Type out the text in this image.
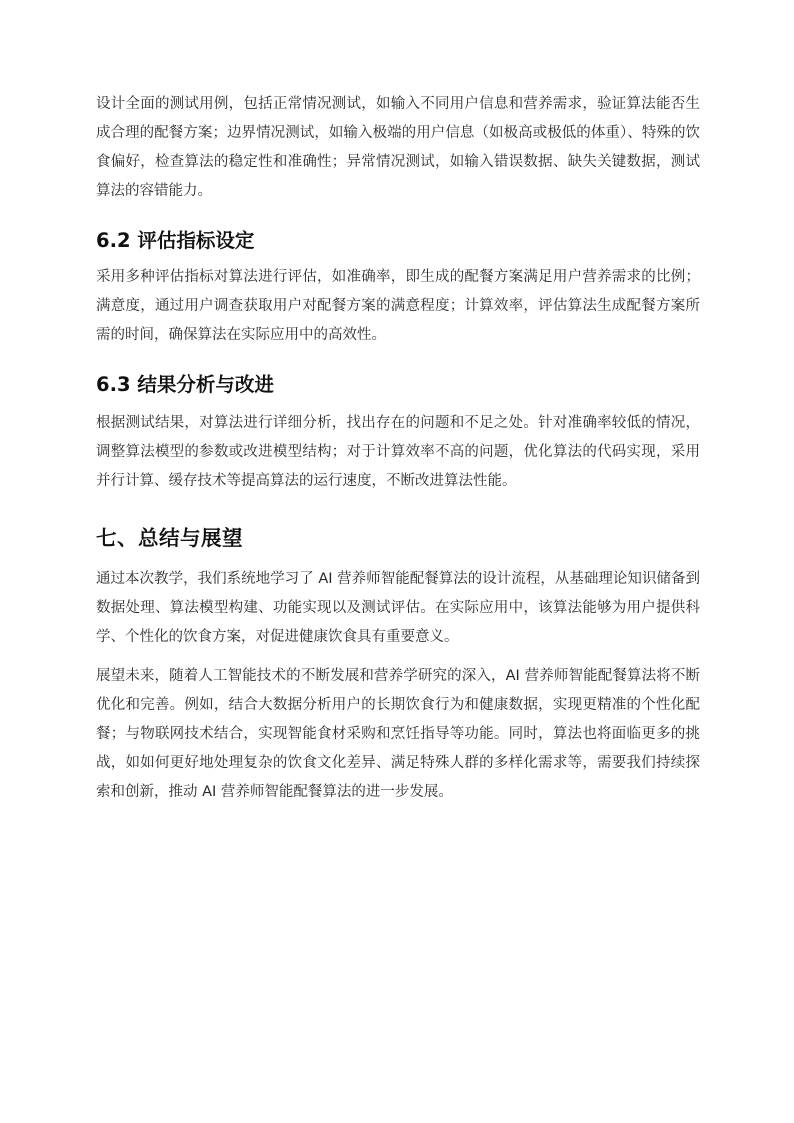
设计全面的测试用例，包括正常情况测试，如输入不同用户信息和营养需求，验证算法能否生成合理的配餐方案；边界情况测试，如输入极端的用户信息（如极高或极低的体重）、特殊的饮食偏好，检查算法的稳定性和准确性；异常情况测试，如输入错误数据、缺失关键数据，测试算法的容错能力。

6.2 评估指标设定

采用多种评估指标对算法进行评估，如准确率，即生成的配餐方案满足用户营养需求的比例；满意度，通过用户调查获取用户对配餐方案的满意程度；计算效率，评估算法生成配餐方案所需的时间，确保算法在实际应用中的高效性。

6.3 结果分析与改进

根据测试结果，对算法进行详细分析，找出存在的问题和不足之处。针对准确率较低的情况，调整算法模型的参数或改进模型结构；对于计算效率不高的问题，优化算法的代码实现，采用并行计算、缓存技术等提高算法的运行速度，不断改进算法性能。

七、总结与展望

通过本次教学，我们系统地学习了 AI 营养师智能配餐算法的设计流程，从基础理论知识储备到数据处理、算法模型构建、功能实现以及测试评估。在实际应用中，该算法能够为用户提供科学、个性化的饮食方案，对促进健康饮食具有重要意义。

展望未来，随着人工智能技术的不断发展和营养学研究的深入，AI 营养师智能配餐算法将不断优化和完善。例如，结合大数据分析用户的长期饮食行为和健康数据，实现更精准的个性化配餐；与物联网技术结合，实现智能食材采购和烹饪指导等功能。同时，算法也将面临更多的挑战，如如何更好地处理复杂的饮食文化差异、满足特殊人群的多样化需求等，需要我们持续探索和创新，推动 AI 营养师智能配餐算法的进一步发展。
